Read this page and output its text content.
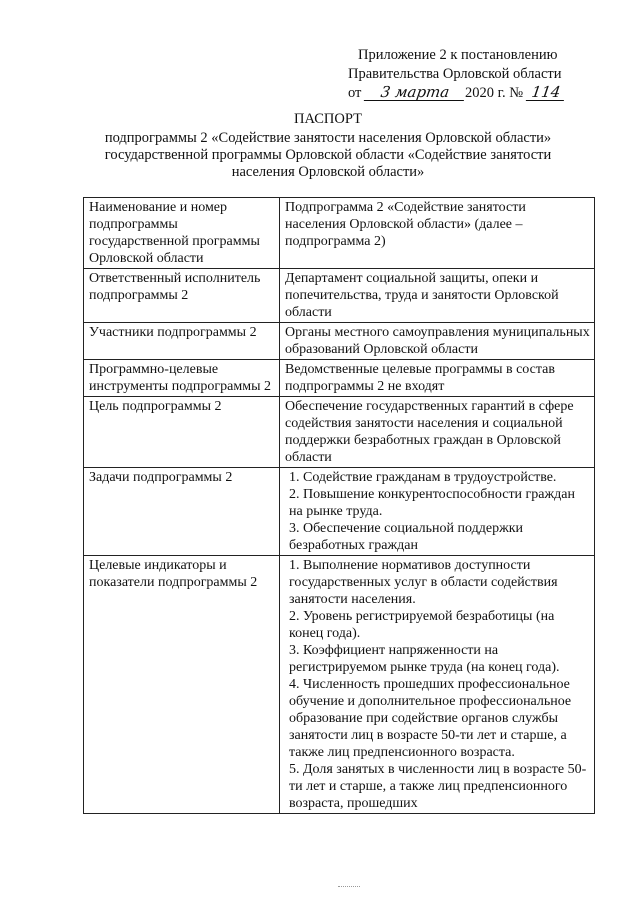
Приложение 2 к постановлению
Правительства Орловской области
от 3 марта 2020 г. № 114
ПАСПОРТ
подпрограммы 2 «Содействие занятости населения Орловской области»
государственной программы Орловской области «Содействие занятости
населения Орловской области»
Наименование и номер подпрограммы государственной программы Орловской области	Подпрограмма 2 «Содействие занятости населения Орловской области» (далее – подпрограмма 2)

Ответственный исполнитель подпрограммы 2	Департамент социальной защиты, опеки и попечительства, труда и занятости Орловской области

Участники подпрограммы 2	Органы местного самоуправления муниципальных образований Орловской области

Программно-целевые инструменты подпрограммы 2	Ведомственные целевые программы в состав подпрограммы 2 не входят

Цель подпрограммы 2	Обеспечение государственных гарантий в сфере содействия занятости населения и социальной поддержки безработных граждан в Орловской области

Задачи подпрограммы 2	1. Содействие гражданам в трудоустройстве.
2. Повышение конкурентоспособности граждан на рынке труда.
3. Обеспечение социальной поддержки безработных граждан

Целевые индикаторы и показатели подпрограммы 2	1. Выполнение нормативов доступности государственных услуг в области содействия занятости населения.
2. Уровень регистрируемой безработицы (на конец года).
3. Коэффициент напряженности на регистрируемом рынке труда (на конец года).
4. Численность прошедших профессиональное обучение и дополнительное профессиональное образование при содействие органов службы занятости лиц в возрасте 50-ти лет и старше, а также лиц предпенсионного возраста.
5. Доля занятых в численности лиц в возрасте 50-ти лет и старше, а также лиц предпенсионного возраста, прошедших
